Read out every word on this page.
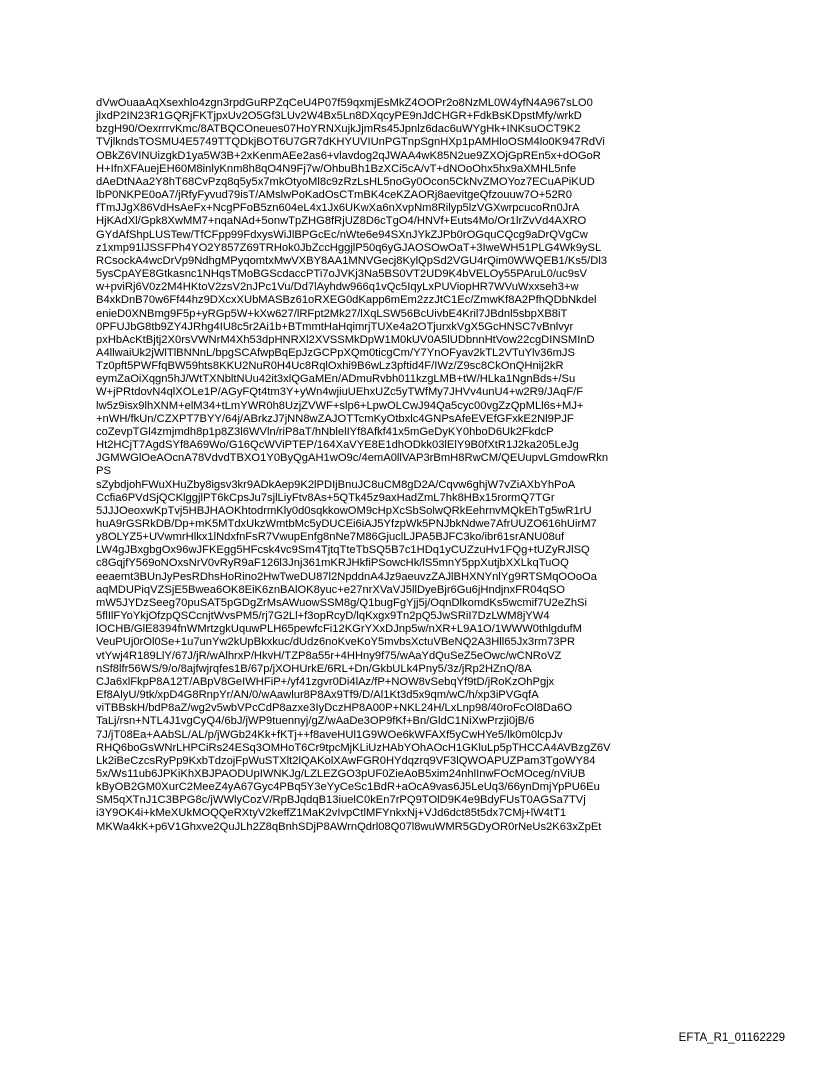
dVwOuaaAqXsexhlo4zgn3rpdGuRPZqCeU4P07f59qxmjEsMkZ4OOPr2o8NzML0W4yfN4A967sLO0

jlxdP2IN23R1GQRjFKTjpxUv2O5Gf3LUv2W4Bx5Ln8DXqcyPE9nJdCHGR+FdkBsKDpstMfy/wrkD

bzgH90/OexrrrvKmc/8ATBQCOneues07HoYRNXujkJjmRs45Jpnlz6dac6uWYgHk+INKsuOCT9K2

TVjlkndsTOSMU4E5749TTQDkjBOT6U7GR7dKHYUVIUnPGTnpSgnHXp1pAMHloOSM4lo0K947RdVi

OBkZ6VINUizgkD1ya5W3B+2xKenmAEe2as6+vlavdog2qJWAA4wK85N2ue9ZXOjGpREn5x+dOGoR

H+IfnXFAuejEH60M8inlyKnm8h8qO4N9Fj7w/OhbuBh1BzXCi5cA/vT+dNOoOhx5hx9aXMHL5nfe

dAeDtNAa2Y8hT68CvPzq8q5y5x7mkOtyoMl8c9zRzLsHL5noGy0Ocon5CkNvZMOYoz7ECuAPiKUD

lbP0NKPE0oA7/jRfyFyvud79isT/AMslwPoKadOsCTmBK4ceKZAORj8aevitgeQfzouuw7O+52R0

fTmJJgX86VdHsAeFx+NcgPFoB5zn604eL4x1Jx6UKwXa6nXvpNm8Rilyp5lzVGXwrpcucoRn0JrA

HjKAdXl/Gpk8XwMM7+nqaNAd+5onwTpZHG8fRjUZ8D6cTgO4/HNVf+Euts4Mo/Or1lrZvVd4AXRO

GYdAfShpLUSTew/TfCFpp99FdxysWiJlBPGcEc/nWte6e94SXnJYkZJPb0rOGquCQcg9aDrQVgCw

z1xmp91lJSSFPh4YO2Y857Z69TRHok0JbZccHggjlP50q6yGJAOSOwOaT+3IweWH51PLG4Wk9ySL

RCsockA4wcDrVp9NdhgMPyqomtxMwVXBY8AA1MNVGecj8KylQpSd2VGU4rQim0WWQEB1/Ks5/Dl3

5ysCpAYE8Gtkasnc1NHqsTMoBGScdaccPTi7oJVKj3Na5BS0VT2UD9K4bVELOy55PAruL0/uc9sV

w+pviRj6V0z2M4HKtoV2zsV2nJPc1Vu/Dd7lAyhdw966q1vQc5IqyLxPUViopHR7WVuWxxseh3+w

B4xkDnB70w6Ff44hz9DXcxXUbMASBz61oRXEG0dKapp6mEm2zzJtC1Ec/ZmwKf8A2PfhQDbNkdel

enieD0XNBmg9F5p+yRGp5W+kXw627/lRFpt2Mk27/lXqLSW56BcUivbE4Kril7JBdnl5sbpXB8iT

0PFUJbG8tb9ZY4JRhg4IU8c5r2Ai1b+BTmmtHaHqimrjTUXe4a2OTjurxkVgX5GcHNSC7vBnlvyr

pxHbAcKtBjtj2X0rsVWNrM4Xh53dpHNRXl2XVSSMkDpW1M0kUV0A5lUDbnnHtVow22cgDINSMInD

A4llwaiUk2jWlTlBNNnL/bpgSCAfwpBqEpJzGCPpXQm0ticgCm/Y7YnOFyav2kTL2VTuYlv36mJS

Tz0pft5PWFfqBW59hts8KKU2NuR0H4Uc8RqlOxhi9B6wLz3pftid4F/IWz/Z9sc8CkOnQHnij2kR

eymZaOiXqgn5hJ/WtTXNbltNUu42it3xlQGaMEn/ADmuRvbh011kzgLMB+tW/HLka1NgnBds+/Su

W+jPRtdovN4qlXOLe1P/AGyFQt4tm3Y+yWn4wjiuUEhxUZc5yTWfMy7JHVv4unU4+w2R9/JAqF/F

lw5z9isx9lhXNM+elM34+tLmYWR0h8UzjZVWF+slp6+LpwOLCwJ94Qa5cyc00vgZzQpMLl6s+MJ+

+nWH/fkUn/CZXPT7BYY/64j/ABrkzJ7jNN8wZAJOTTcmKyOtbxlc4GNPsAfeEVEfGFxkE2Nl9PJF

coZevpTGl4zmjmdh8p1p8Z3l6WVln/riP8aT/hNblelIYf8Afkf41x5mGeDyKY0hboD6Uk2FkdcP

Ht2HCjT7AgdSYf8A69Wo/G16QcWViPTEP/164XaVYE8E1dhODkk03lElY9B0fXtR1J2ka205LeJg

JGMWGlOeAOcnA78VdvdTBXO1Y0ByQgAH1wO9c/4emA0llVAP3rBmH8RwCM/QEUupvLGmdowRkn

PS

sZybdjohFWuXHuZby8igsv3kr9ADkAep9K2lPDIjBnuJC8uCM8gD2A/Cqvw6ghjW7vZiAXbYhPoA

Ccfia6PVdSjQCKlggjlPT6kCpsJu7sjlLiyFtv8As+5QTk45z9axHadZmL7hk8HBx15rormQ7TGr

5JJJOeoxwKpTvj5HBJHAOKhtodrmKly0d0sqkkowOM9cHpXcSbSolwQRkEehrnvMQkEhTg5wR1rU

huA9rGSRkDB/Dp+mK5MTdxUkzWmtbMc5yDUCEi6iAJ5YfzpWk5PNJbkNdwe7AfrUUZO616hUirM7

y8OLYZ5+UVwmrHlkx1lNdxfnFsR7VwupEnfg8nNe7M86GjuclLJPA5BJFC3ko/ibr61srANU08uf

LW4gJBxgbgOx96wJFKEgg5HFcsk4vc9Sm4TjtqTteTbSQ5B7c1HDq1yCUZzuHv1FQg+tUZyRJlSQ

c8GqjfY569oNOxsNrV0vRyR9aF126l3Jnj361mKRJHkfiPSowcHk/lS5mnY5ppXutjbXXLkqTuOQ

eeaemt3BUnJyPesRDhsHoRino2HwTweDU87l2NpddnA4Jz9aeuvzZAJlBHXNYnlYg9RTSMqOOoOa

aqMDUPiqVZSjE5Bwea6OK8EiK6znBAlOK8yuc+e27nrXVaVJ5llDyeBjr6Gu6jHndjnxFR04qSO

mW5JYDzSeeg70puSAT5pGDgZrMsAWuowSSM8g/Q1bugFgYjj5j/OqnDlkomdKs5wcmif7U2eZhSi

5flIlFYoYkjOfzpQSCcnjtWvsPM5/rj7G2Ll+f3opRcyD/lqKxgx9Tn2pQ5JwSRiI7DzLWM8jYW4

lOCHB/GlE8394fnWMrtzgkUquwPLH65pewfcFi12KGrYXxDJnp5w/nXR+L9A1O/1WWW0thlgdufM

VeuPUj0rOl0Se+1u7unYw2kUpBkxkuc/dUdz6noKveKoY5mvbsXctuVBeNQ2A3Hll65Jx3rm73PR

vtYwj4R189LlY/67J/jR/wAlhrxP/HkvH/TZP8a55r+4HHny9f75/wAaYdQuSeZ5eOwc/wCNRoVZ

nSf8lfr56WS/9/o/8ajfwjrqfes1B/67p/jXOHUrkE/6RL+Dn/GkbULk4Pny5/3z/jRp2HZnQ/8A

CJa6xlFkpP8A12T/ABpV8GeIWHFiP+/yf41zgvr0Di4lAz/fP+NOW8vSebqYf9tD/jRoKzOhPgjx

Ef8AlyU/9tk/xpD4G8RnpYr/AN/0/wAawlur8P8Ax9Tf9/D/Al1Kt3d5x9qm/wC/h/xp3iPVGqfA

viTBBskH/bdP8aZ/wg2v5wbVPcCdP8azxe3IyDczHP8A00P+NKL24H/LxLnp98/40roFcOl8Da6O

TaLj/rsn+NTL4J1vgCyQ4/6bJ/jWP9tuennyj/gZ/wAaDe3OP9fKf+Bn/GldC1NiXwPrzji0jB/6

7J/jT08Ea+AAbSL/AL/p/jWGb24Kk+fKTj++f8aveHUl1G9WOe6kWFAXf5yCwHYe5/lk0m0lcpJv

RHQ6boGsWNrLHPCiRs24ESq3OMHoT6Cr9tpcMjKLiUzHAbYOhAOcH1GKluLp5pTHCCA4AVBzgZ6V

Lk2iBeCzcsRyPp9KxbTdzojFpWuSTXlt2lQAKolXAwFGR0HYdqzrq9VF3lQWOAPUZPam3TgoWY84

5x/Ws11ub6JPKiKhXBJPAODUpIWNKJg/LZLEZGO3pUF0ZieAoB5xim24nhlInwFOcMOceg/nViUB

kByOB2GM0XurC2MeeZ4yA67Gyc4PBq5Y3eYyCeSc1BdR+aOcA9vas6J5LeUq3/66ynDmjYpPU6Eu

SM5qXTnJ1C3BPG8c/jWWlyCozV/RpBJqdqB13iuelC0kEn7rPQ9TOlD9K4e9BdyFUsT0AGSa7TVj

i3Y9OK4i+kMeXUkMOQQeRXtyV2keffZ1MaK2vIvpCtlMFYnkxNj+VJd6dct85t5dx7CMj+lW4tT1

MKWa4kK+p6V1Ghxve2QuJLh2Z8qBnhSDjP8AWrnQdrl08Q07l8wuWMR5GDyOR0rNeUs2K63xZpEt

EFTA_R1_01162229
